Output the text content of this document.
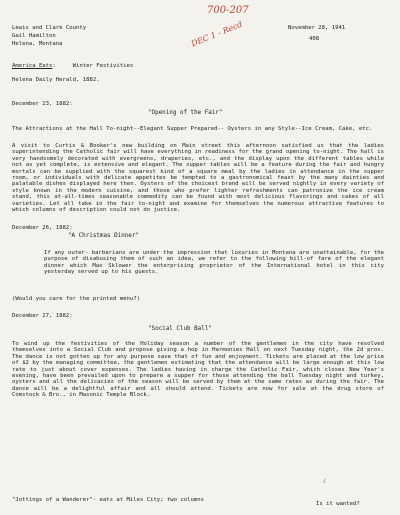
700-207
DEC 1 - Recd
Lewis and Clark County
Gail Hamilton
Helena, Montana
November 28, 1941
408
America Eats:	Winter Festivities
Helena Daily Herald, 1882.
December 23, 1882:
"Opening of the Fair"
The Attractions at the Hall To-night--Elegant Supper Prepared-- Oysters in any Style--Ice Cream, Cake, etc.
A visit to Curtis & Booker's new building on Main street this afternoon satisfied us that the ladies superintending the Catholic fair will have everything in readiness for the grand opening to-night. The hall is very handsomely decorated with evergreens, draperies, etc., and the display upon the different tables while not as yet complete, is extensive and elegant. The supper tables will be a feature during the fair and hungry mortals can be supplied with the squarest kind of a square meal by the ladies in attendance in the supper room, or individuals with delicate appetites be tempted to a gastronomical feast by the many dainties and palatable dishes displayed here then. Oysters of the choicest brand will be served nightly in every variety of style known in the modern cuisine, and those who prefer lighter refreshments can patronize the ice cream stand, this at-all-times seasonable commodity can be found with most delicious flavorings and cakes of all varieties. Let all take in the fair to-night and examine for themselves the numerous attractive features to which columns of description could not do justice.
December 26, 1882:
"A Christmas Dinner"
If any outer- barbarians are under the impression that luxuries in Montana are unattainable, for the purpose of disabusing them of such an idea, we refer to the following bill-of fare of the elegant dinner which Max Sklower the enterprising proprietor of the International hotel in this city yesterday served up to his guests.
(Would you care for the printed menu?)
December 27, 1882:
"Social Club Ball"
To wind up the festivities of the Holiday season a number of the gentlemen in the city have resolved themselves into a Social Club and propose giving a hop in Harmonies Hall on next Tuesday night, the 2d prox. The dance is not gotten up for any purpose save that of fun and enjoyment. Tickets are placed at the low price of $2 by the managing committee, the gentlemen estimating that the attendance will be large enough at this low rate to just about cover expenses. The ladies having in charge the Catholic Fair, which closes New Year's evening, have been prevailed upon to prepare a supper for those attending the ball Tuesday night and turkey, oysters and all the delicacies of the season will be served by them at the same rates as during the fair. The dance will be a delightful affair and all should attend. Tickets are now for sale at the drug store of Comstock & Bro., in Masonic Temple Block.
"Jottings of a Wanderer"- eats at Miles City; two columns
Is it wanted?
✓
